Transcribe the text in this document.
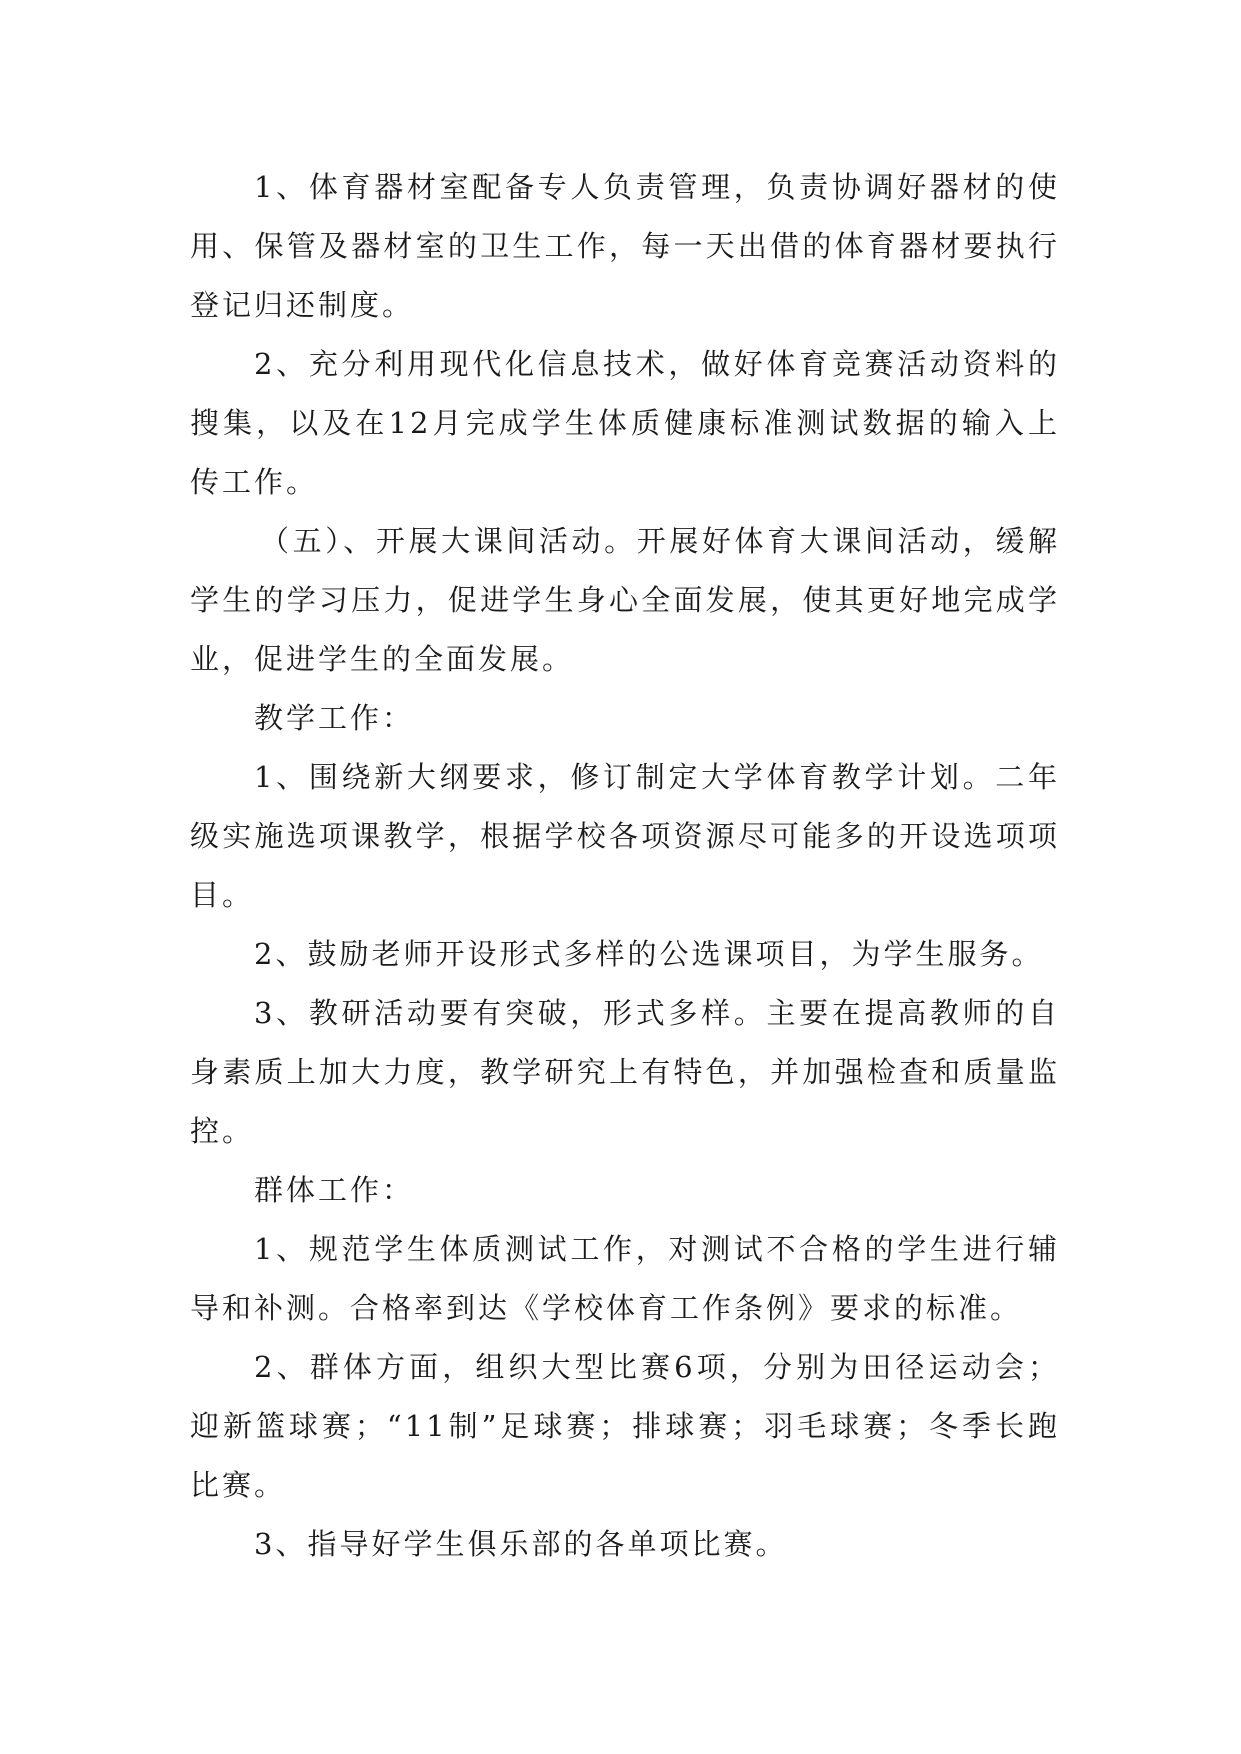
1、体育器材室配备专人负责管理，负责协调好器材的使用、保管及器材室的卫生工作，每一天出借的体育器材要执行登记归还制度。

2、充分利用现代化信息技术，做好体育竞赛活动资料的搜集，以及在12月完成学生体质健康标准测试数据的输入上传工作。

（五）、开展大课间活动。开展好体育大课间活动，缓解学生的学习压力，促进学生身心全面发展，使其更好地完成学业，促进学生的全面发展。

教学工作：

1、围绕新大纲要求，修订制定大学体育教学计划。二年级实施选项课教学，根据学校各项资源尽可能多的开设选项项目。

2、鼓励老师开设形式多样的公选课项目，为学生服务。

3、教研活动要有突破，形式多样。主要在提高教师的自身素质上加大力度，教学研究上有特色，并加强检查和质量监控。

群体工作：

1、规范学生体质测试工作，对测试不合格的学生进行辅导和补测。合格率到达《学校体育工作条例》要求的标准。

2、群体方面，组织大型比赛6项，分别为田径运动会；迎新篮球赛；“11制”足球赛；排球赛；羽毛球赛；冬季长跑比赛。

3、指导好学生俱乐部的各单项比赛。
